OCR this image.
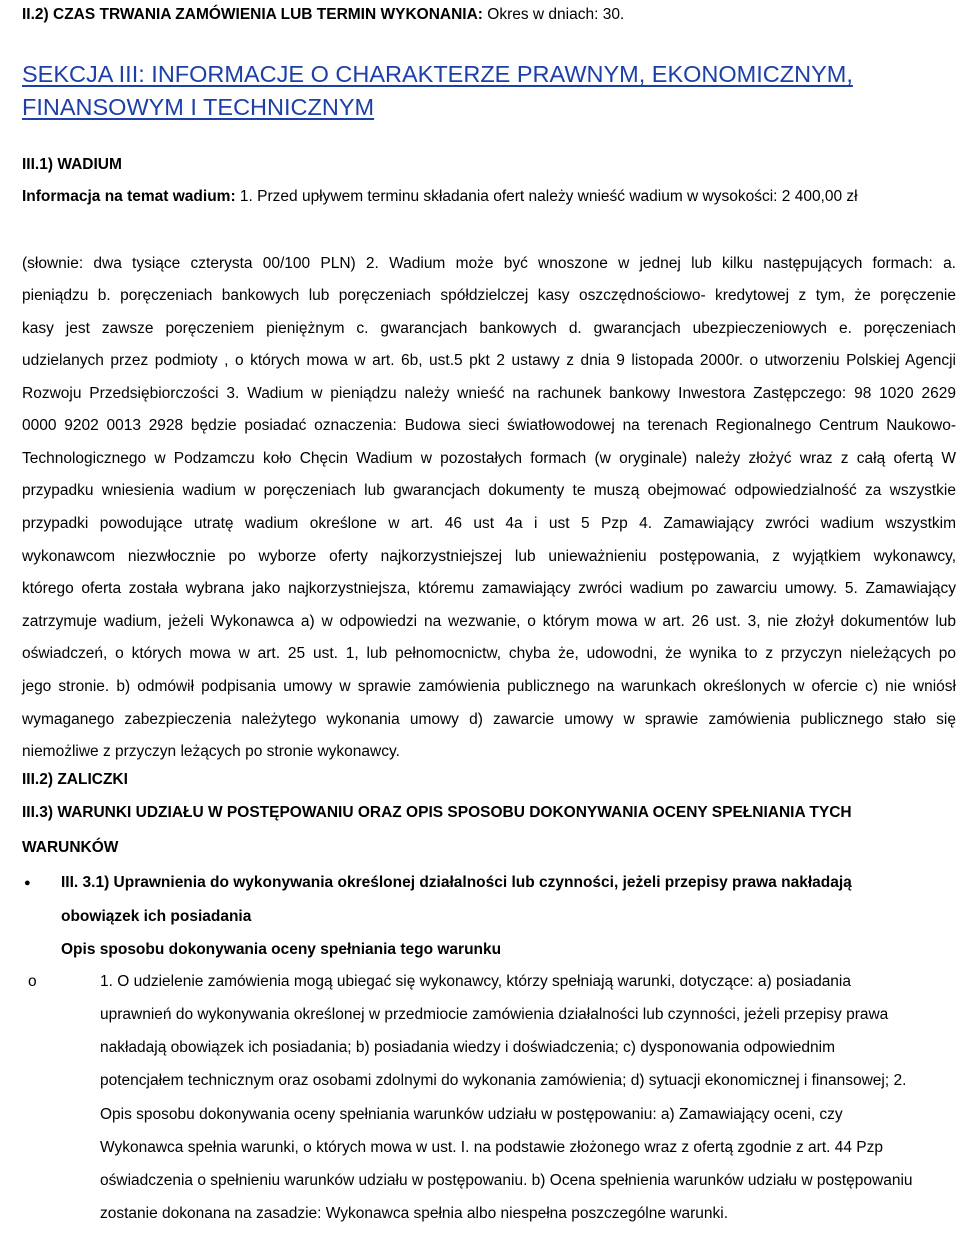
II.2) CZAS TRWANIA ZAMÓWIENIA LUB TERMIN WYKONANIA: Okres w dniach: 30.
SEKCJA III: INFORMACJE O CHARAKTERZE PRAWNYM, EKONOMICZNYM,
FINANSOWYM I TECHNICZNYM
III.1) WADIUM
Informacja na temat wadium: 1. Przed upływem terminu składania ofert należy wnieść wadium w wysokości: 2 400,00 zł
(słownie: dwa tysiące czterysta 00/100 PLN) 2. Wadium może być wnoszone w jednej lub kilku następujących formach: a.
pieniądzu b. poręczeniach bankowych lub poręczeniach spółdzielczej kasy oszczędnościowo- kredytowej z tym, że poręczenie
kasy jest zawsze poręczeniem pieniężnym c. gwarancjach bankowych d. gwarancjach ubezpieczeniowych e. poręczeniach
udzielanych przez podmioty , o których mowa w art. 6b, ust.5 pkt 2 ustawy z dnia 9 listopada 2000r. o utworzeniu Polskiej Agencji
Rozwoju Przedsiębiorczości 3. Wadium w pieniądzu należy wnieść na rachunek bankowy Inwestora Zastępczego: 98 1020 2629
0000 9202 0013 2928 będzie posiadać oznaczenia: Budowa sieci światłowodowej na terenach Regionalnego Centrum Naukowo-
Technologicznego w Podzamczu koło Chęcin Wadium w pozostałych formach (w oryginale) należy złożyć wraz z całą ofertą W
przypadku wniesienia wadium w poręczeniach lub gwarancjach dokumenty te muszą obejmować odpowiedzialność za wszystkie
przypadki powodujące utratę wadium określone w art. 46 ust 4a i ust 5 Pzp 4. Zamawiający zwróci wadium wszystkim
wykonawcom niezwłocznie po wyborze oferty najkorzystniejszej lub unieważnieniu postępowania, z wyjątkiem wykonawcy,
którego oferta została wybrana jako najkorzystniejsza, któremu zamawiający zwróci wadium po zawarciu umowy. 5. Zamawiający
zatrzymuje wadium, jeżeli Wykonawca a) w odpowiedzi na wezwanie, o którym mowa w art. 26 ust. 3, nie złożył dokumentów lub
oświadczeń, o których mowa w art. 25 ust. 1, lub pełnomocnictw, chyba że, udowodni, że wynika to z przyczyn nieleżących po
jego stronie. b) odmówił podpisania umowy w sprawie zamówienia publicznego na warunkach określonych w ofercie c) nie wniósł
wymaganego zabezpieczenia należytego wykonania umowy d) zawarcie umowy w sprawie zamówienia publicznego stało się
niemożliwe z przyczyn leżących po stronie wykonawcy.
III.2) ZALICZKI
III.3) WARUNKI UDZIAŁU W POSTĘPOWANIU ORAZ OPIS SPOSOBU DOKONYWANIA OCENY SPEŁNIANIA TYCH
WARUNKÓW
● III. 3.1) Uprawnienia do wykonywania określonej działalności lub czynności, jeżeli przepisy prawa nakładają
obowiązek ich posiadania
Opis sposobu dokonywania oceny spełniania tego warunku
o	1. O udzielenie zamówienia mogą ubiegać się wykonawcy, którzy spełniają warunki, dotyczące: a) posiadania
uprawnień do wykonywania określonej w przedmiocie zamówienia działalności lub czynności, jeżeli przepisy prawa
nakładają obowiązek ich posiadania; b) posiadania wiedzy i doświadczenia; c) dysponowania odpowiednim
potencjałem technicznym oraz osobami zdolnymi do wykonania zamówienia; d) sytuacji ekonomicznej i finansowej; 2.
Opis sposobu dokonywania oceny spełniania warunków udziału w postępowaniu: a) Zamawiający oceni, czy
Wykonawca spełnia warunki, o których mowa w ust. I. na podstawie złożonego wraz z ofertą zgodnie z art. 44 Pzp
oświadczenia o spełnieniu warunków udziału w postępowaniu. b) Ocena spełnienia warunków udziału w postępowaniu
zostanie dokonana na zasadzie: Wykonawca spełnia albo niespełna poszczególne warunki.
